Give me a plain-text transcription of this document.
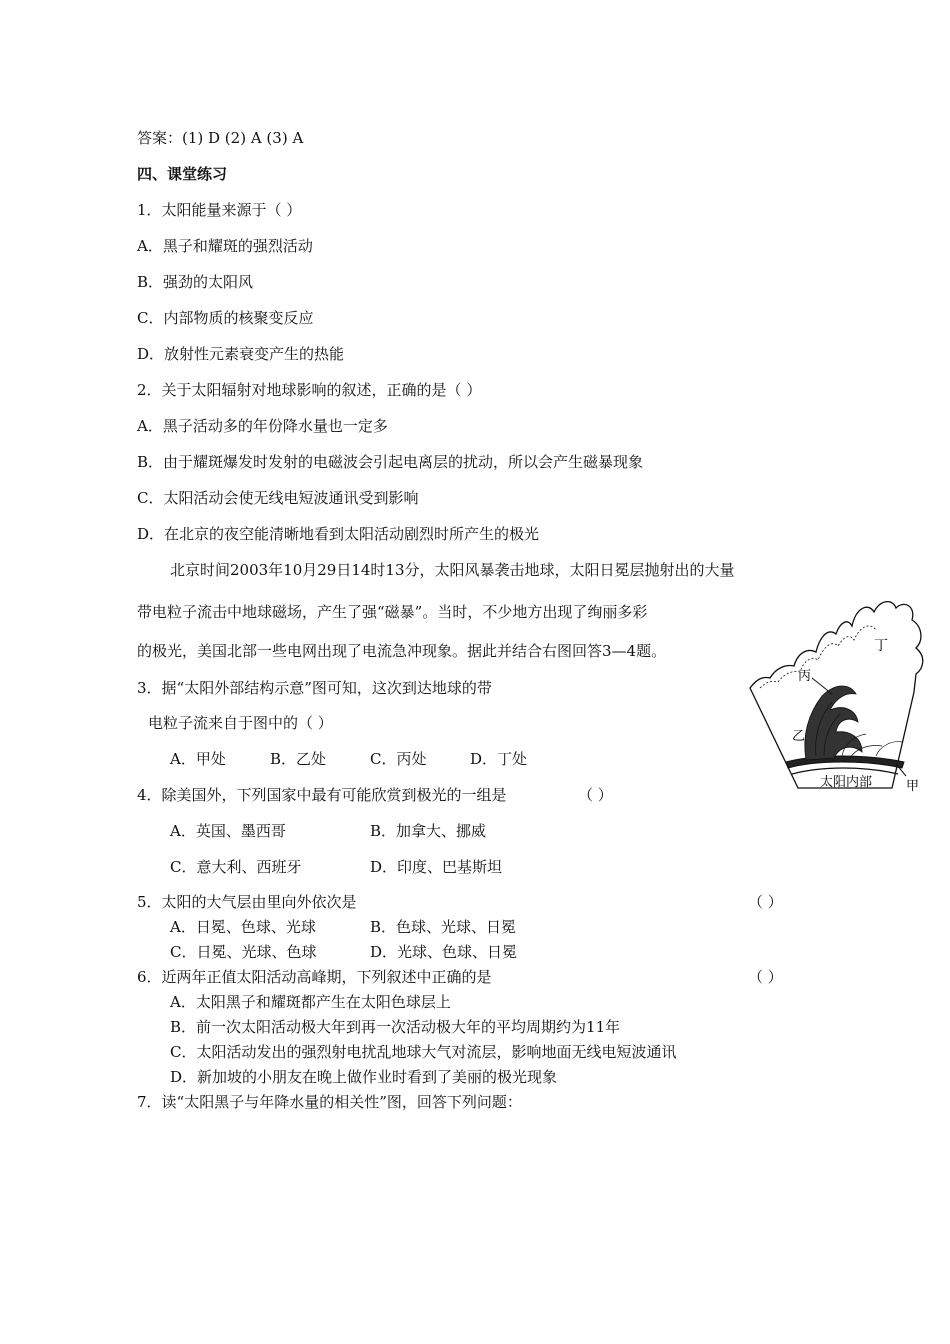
答案：(1) D (2) A (3) A
四、课堂练习
1．太阳能量来源于（ ）
A．黑子和耀斑的强烈活动
B．强劲的太阳风
C．内部物质的核聚变反应
D．放射性元素衰变产生的热能
2．关于太阳辐射对地球影响的叙述，正确的是（ ）
A．黑子活动多的年份降水量也一定多
B．由于耀斑爆发时发射的电磁波会引起电离层的扰动，所以会产生磁暴现象
C．太阳活动会使无线电短波通讯受到影响
D．在北京的夜空能清晰地看到太阳活动剧烈时所产生的极光
北京时间2003年10月29日14时13分，太阳风暴袭击地球，太阳日冕层抛射出的大量
带电粒子流击中地球磁场，产生了强“磁暴”。当时，不少地方出现了绚丽多彩
的极光，美国北部一些电网出现了电流急冲现象。据此并结合右图回答3—4题。
3．据“太阳外部结构示意”图可知，这次到达地球的带
电粒子流来自于图中的（ ）
A．甲处	B．乙处	C．丙处	D．丁处
4．除美国外，下列国家中最有可能欣赏到极光的一组是	（ ）
A．英国、墨西哥	B．加拿大、挪威
C．意大利、西班牙	D．印度、巴基斯坦
5．太阳的大气层由里向外依次是	（ ）
A．日冕、色球、光球	B．色球、光球、日冕
C．日冕、光球、色球	D．光球、色球、日冕
6．近两年正值太阳活动高峰期，下列叙述中正确的是	（ ）
A．太阳黑子和耀斑都产生在太阳色球层上
B．前一次太阳活动极大年到再一次活动极大年的平均周期约为11年
C．太阳活动发出的强烈射电扰乱地球大气对流层，影响地面无线电短波通讯
D．新加坡的小朋友在晚上做作业时看到了美丽的极光现象
7．读“太阳黑子与年降水量的相关性”图，回答下列问题：
丁
丙
乙
甲
太阳内部
